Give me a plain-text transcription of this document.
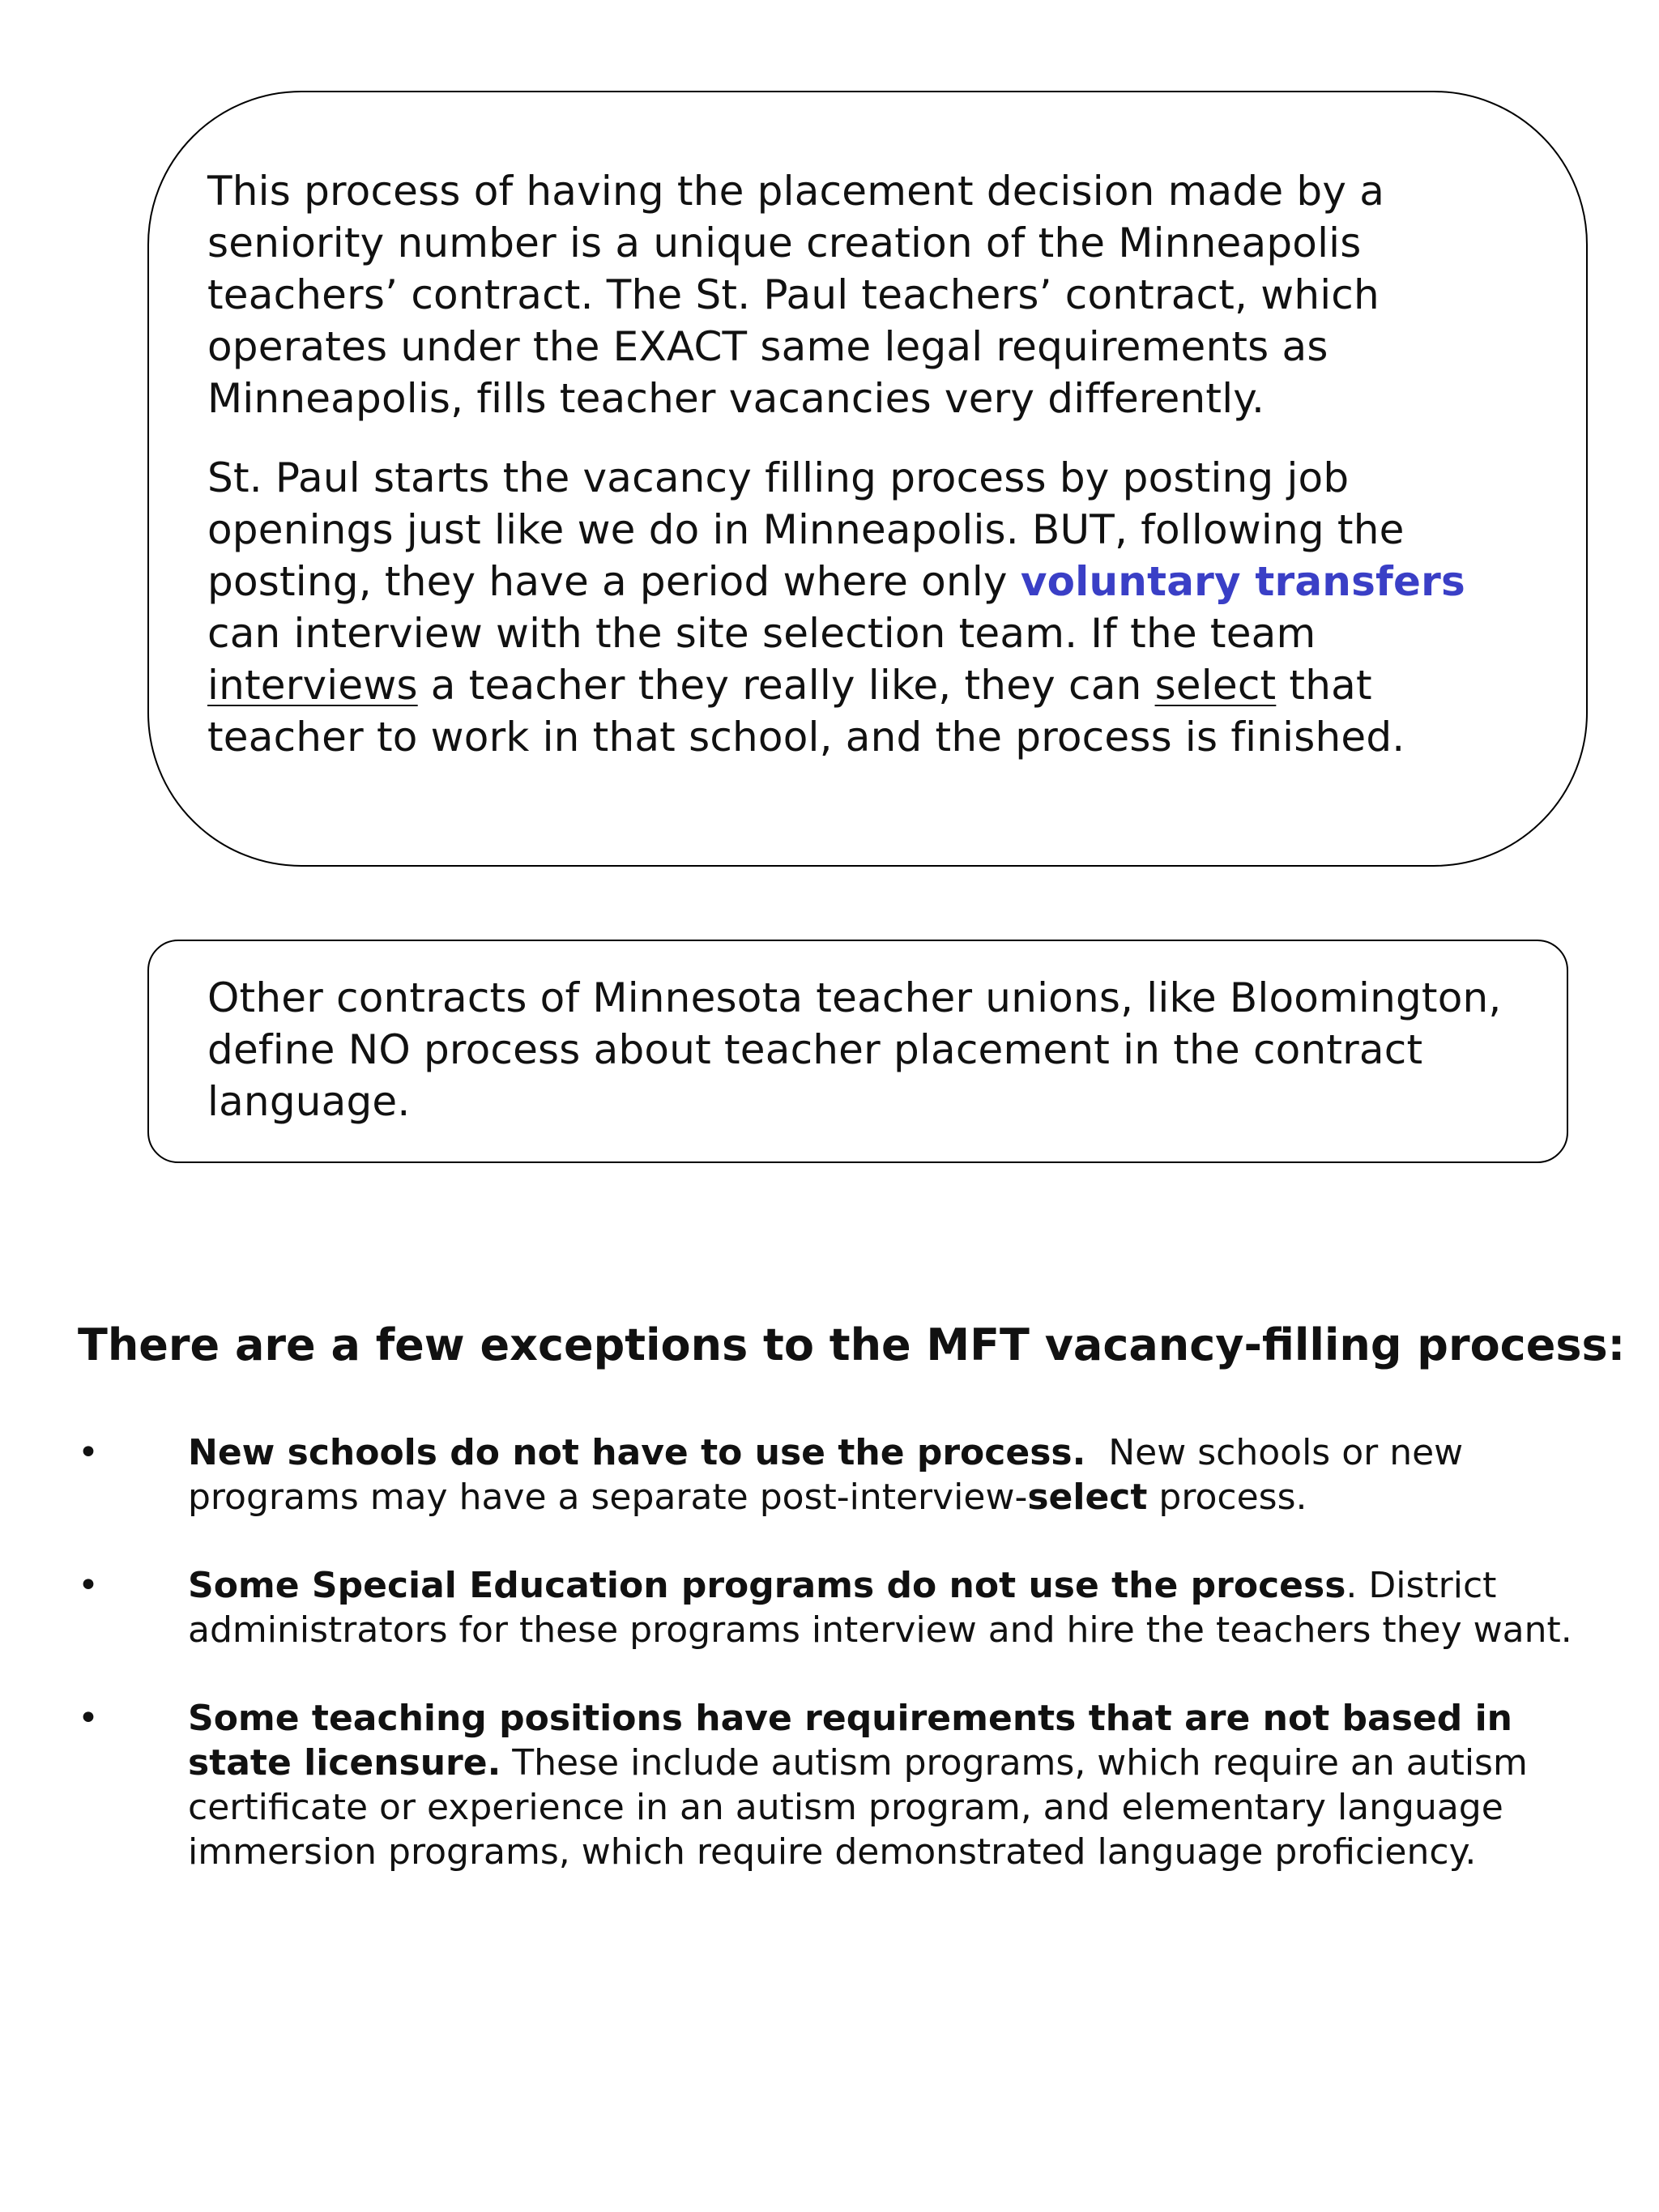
This process of having the placement decision made by a seniority number is a unique creation of the Minneapolis teachers’ contract. The St. Paul teachers’ contract, which operates under the EXACT same legal requirements as Minneapolis, fills teacher vacancies very differently.

St. Paul starts the vacancy filling process by posting job openings just like we do in Minneapolis. BUT, following the posting, they have a period where only voluntary transfers can interview with the site selection team. If the team interviews a teacher they really like, they can select that teacher to work in that school, and the process is finished.

Other contracts of Minnesota teacher unions, like Bloomington, define NO process about teacher placement in the contract language.

There are a few exceptions to the MFT vacancy-filling process:
•	New schools do not have to use the process.  New schools or new programs may have a separate post-interview-select process.
•	Some Special Education programs do not use the process. District administrators for these programs interview and hire the teachers they want.
•	Some teaching positions have requirements that are not based in state licensure. These include autism programs, which require an autism certificate or experience in an autism program, and elementary language immersion programs, which require demonstrated language proficiency.
